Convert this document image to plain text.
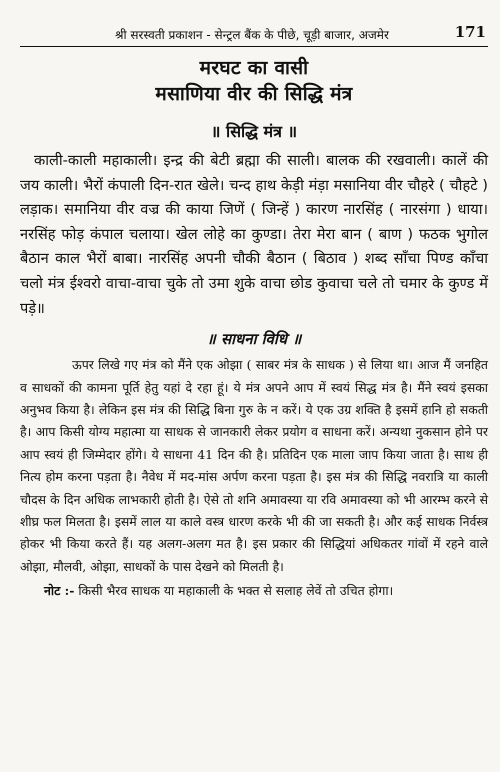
श्री सरस्वती प्रकाशन - सेन्ट्रल बैंक के पीछे, चूड़ी बाजार, अजमेर	171
मरघट का वासी
मसाणिया वीर की सिद्धि मंत्र
॥ सिद्धि मंत्र ॥
काली-काली महाकाली। इन्द्र की बेटी ब्रह्मा की साली। बालक की रखवाली। कालें की जय काली। भैरों कंपाली दिन-रात खेले। चन्द हाथ केड़ी मंड़ा मसानिया वीर चौहरे ( चौहटे ) लड़ाक। समानिया वीर वज्र की काया जिणें ( जिन्हें ) कारण नारसिंह ( नारसंगा ) धाया। नरसिंह फोड़ कंपाल चलाया। खेल लोहे का कुण्डा। तेरा मेरा बान ( बाण ) फठक भुगोल बैठान काल भैरों बाबा। नारसिंह अपनी चौकी बैठान ( बिठाव ) शब्द साँचा पिण्ड काँचा चलो मंत्र ईश्वरो वाचा-वाचा चुके तो उमा शुके वाचा छोड कुवाचा चले तो चमार के कुण्ड में पड़े॥
॥ साधना विधि ॥
ऊपर लिखे गए मंत्र को मैंने एक ओझा ( साबर मंत्र के साधक ) से लिया था। आज मैं जनहित व साधकों की कामना पूर्ति हेतु यहां दे रहा हूं। ये मंत्र अपने आप में स्वयं सिद्ध मंत्र है। मैंने स्वयं इसका अनुभव किया है। लेकिन इस मंत्र की सिद्धि बिना गुरु के न करें। ये एक उग्र शक्ति है इसमें हानि हो सकती है। आप किसी योग्य महात्मा या साधक से जानकारी लेकर प्रयोग व साधना करें। अन्यथा नुकसान होने पर आप स्वयं ही जिम्मेदार होंगे। ये साधना 41 दिन की है। प्रतिदिन एक माला जाप किया जाता है। साथ ही नित्य होम करना पड़ता है। नैवेध में मद-मांस अर्पण करना पड़ता है। इस मंत्र की सिद्धि नवरात्रि या काली चौदस के दिन अधिक लाभकारी होती है। ऐसे तो शनि अमावस्या या रवि अमावस्या को भी आरम्भ करने से शीघ्र फल मिलता है। इसमें लाल या काले वस्त्र धारण करके भी की जा सकती है। और कई साधक निर्वस्त्र होकर भी किया करते हैं। यह अलग-अलग मत है। इस प्रकार की सिद्धियां अधिकतर गांवों में रहने वाले ओझा, मौलवी, ओझा, साधकों के पास देखने को मिलती है।
नोट :- किसी भैरव साधक या महाकाली के भक्त से सलाह लेवें तो उचित होगा।
